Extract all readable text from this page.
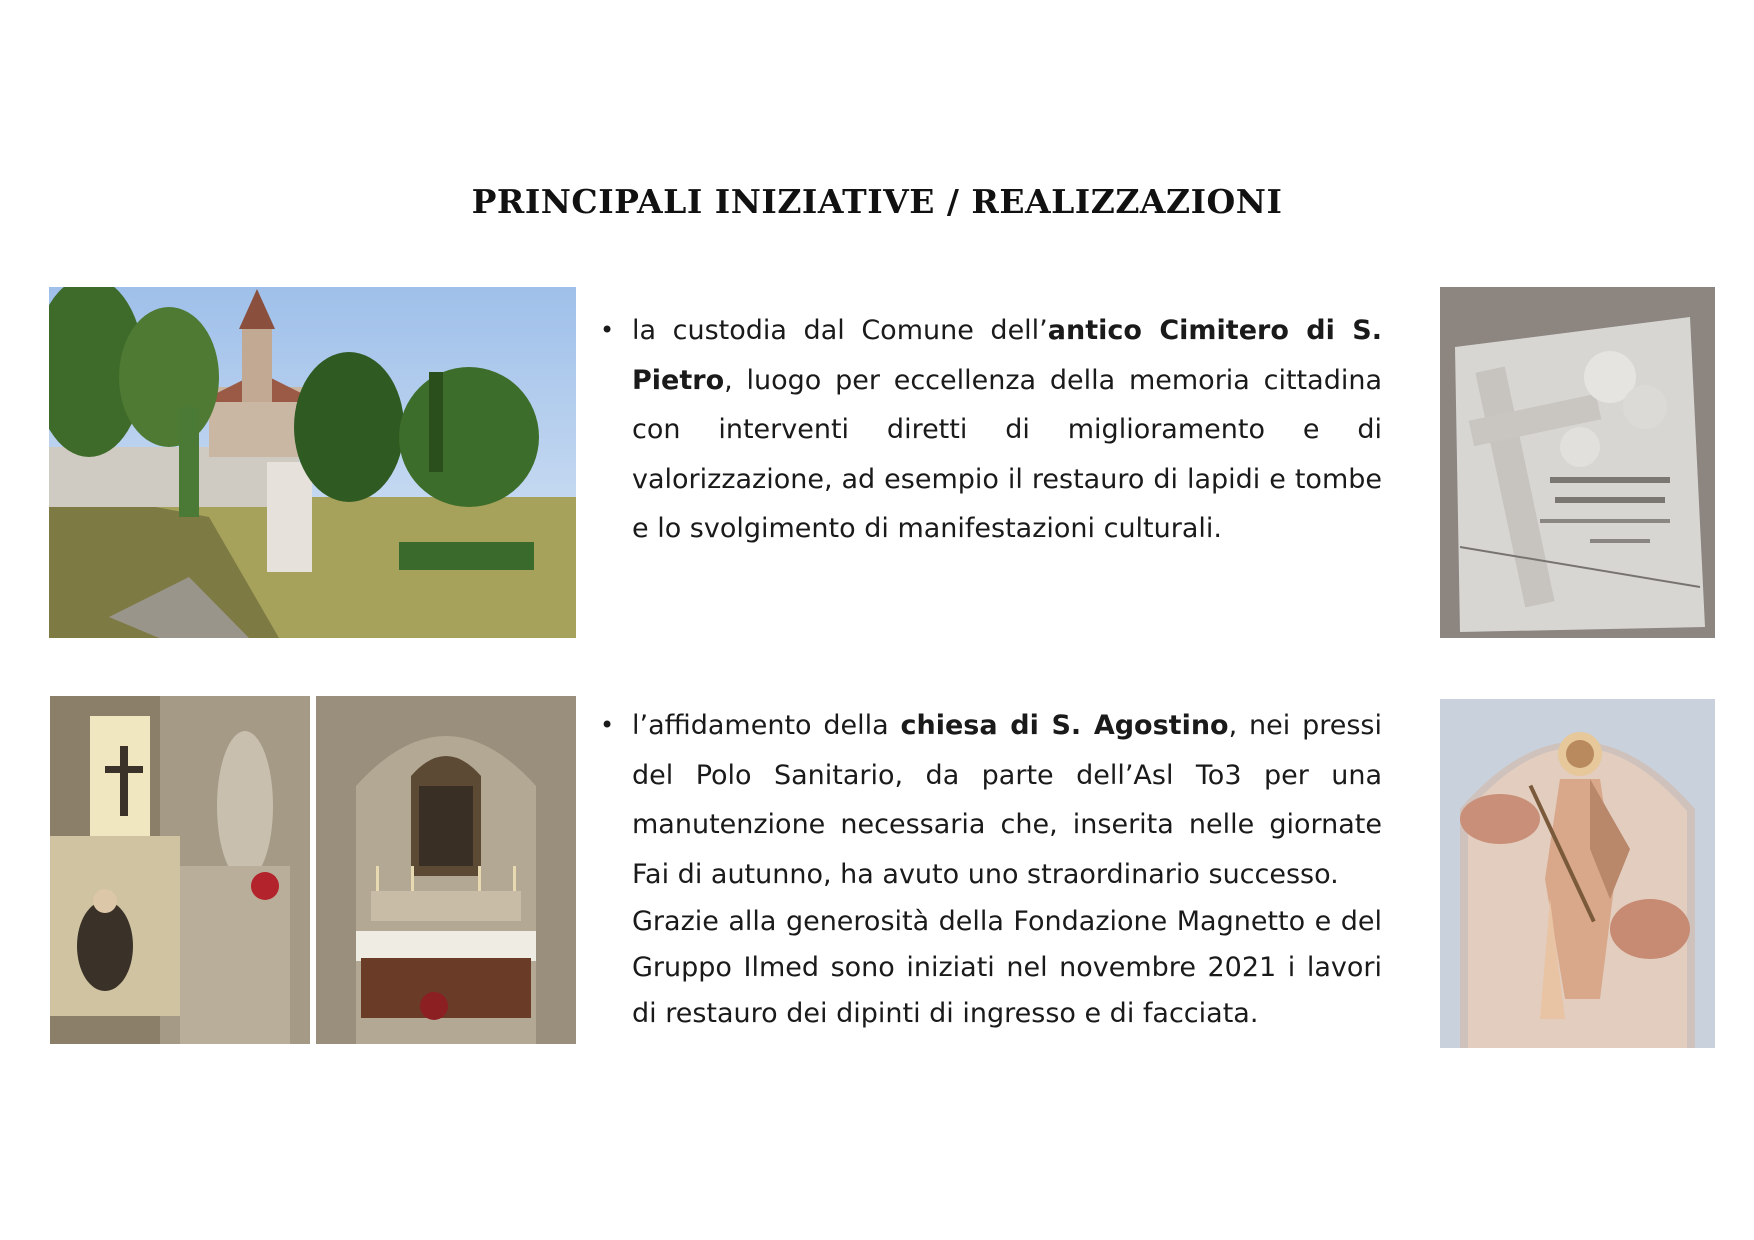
PRINCIPALI INIZIATIVE / REALIZZAZIONI
• la custodia dal Comune dell’antico Cimitero di S. Pietro, luogo per eccellenza della memoria cittadina con interventi diretti di miglioramento e di valorizzazione, ad esempio il restauro di lapidi e tombe e lo svolgimento di manifestazioni culturali.

• l’affidamento della chiesa di S. Agostino, nei pressi del Polo Sanitario, da parte dell’Asl To3 per una manutenzione necessaria che, inserita nelle giornate Fai di autunno, ha avuto uno straordinario successo.

Grazie alla generosità della Fondazione Magnetto e del Gruppo Ilmed sono iniziati nel novembre 2021 i lavori di restauro dei dipinti di ingresso e di facciata.
